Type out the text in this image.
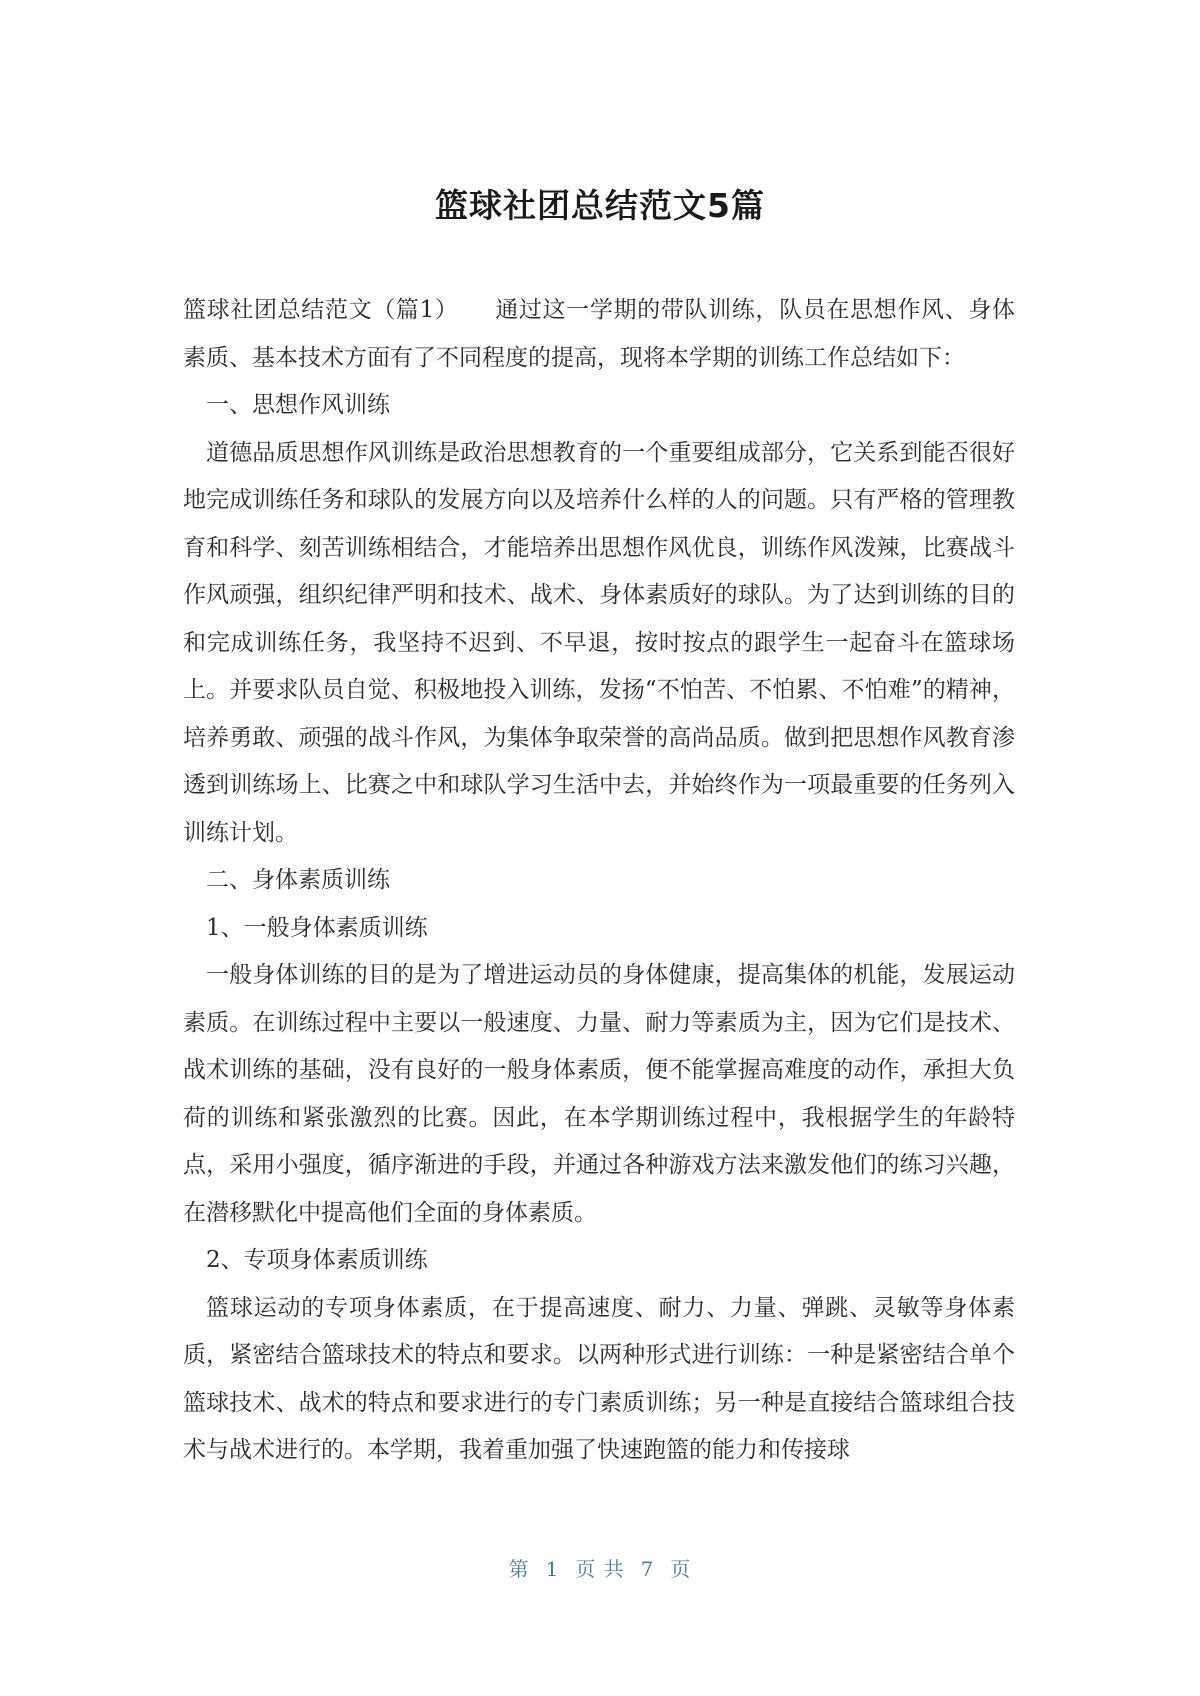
篮球社团总结范文5篇

篮球社团总结范文（篇1） 通过这一学期的带队训练，队员在思想作风、身体素质、基本技术方面有了不同程度的提高，现将本学期的训练工作总结如下：

一、思想作风训练

道德品质思想作风训练是政治思想教育的一个重要组成部分，它关系到能否很好地完成训练任务和球队的发展方向以及培养什么样的人的问题。只有严格的管理教育和科学、刻苦训练相结合，才能培养出思想作风优良，训练作风泼辣，比赛战斗作风顽强，组织纪律严明和技术、战术、身体素质好的球队。为了达到训练的目的和完成训练任务，我坚持不迟到、不早退，按时按点的跟学生一起奋斗在篮球场上。并要求队员自觉、积极地投入训练，发扬“不怕苦、不怕累、不怕难”的精神，培养勇敢、顽强的战斗作风，为集体争取荣誉的高尚品质。做到把思想作风教育渗透到训练场上、比赛之中和球队学习生活中去，并始终作为一项最重要的任务列入训练计划。

二、身体素质训练

1、一般身体素质训练

一般身体训练的目的是为了增进运动员的身体健康，提高集体的机能，发展运动素质。在训练过程中主要以一般速度、力量、耐力等素质为主，因为它们是技术、战术训练的基础，没有良好的一般身体素质，便不能掌握高难度的动作，承担大负荷的训练和紧张激烈的比赛。因此，在本学期训练过程中，我根据学生的年龄特点，采用小强度，循序渐进的手段，并通过各种游戏方法来激发他们的练习兴趣，在潜移默化中提高他们全面的身体素质。

2、专项身体素质训练

篮球运动的专项身体素质，在于提高速度、耐力、力量、弹跳、灵敏等身体素质，紧密结合篮球技术的特点和要求。以两种形式进行训练：一种是紧密结合单个篮球技术、战术的特点和要求进行的专门素质训练；另一种是直接结合篮球组合技术与战术进行的。本学期，我着重加强了快速跑篮的能力和传接球

第 1 页 共 7 页
